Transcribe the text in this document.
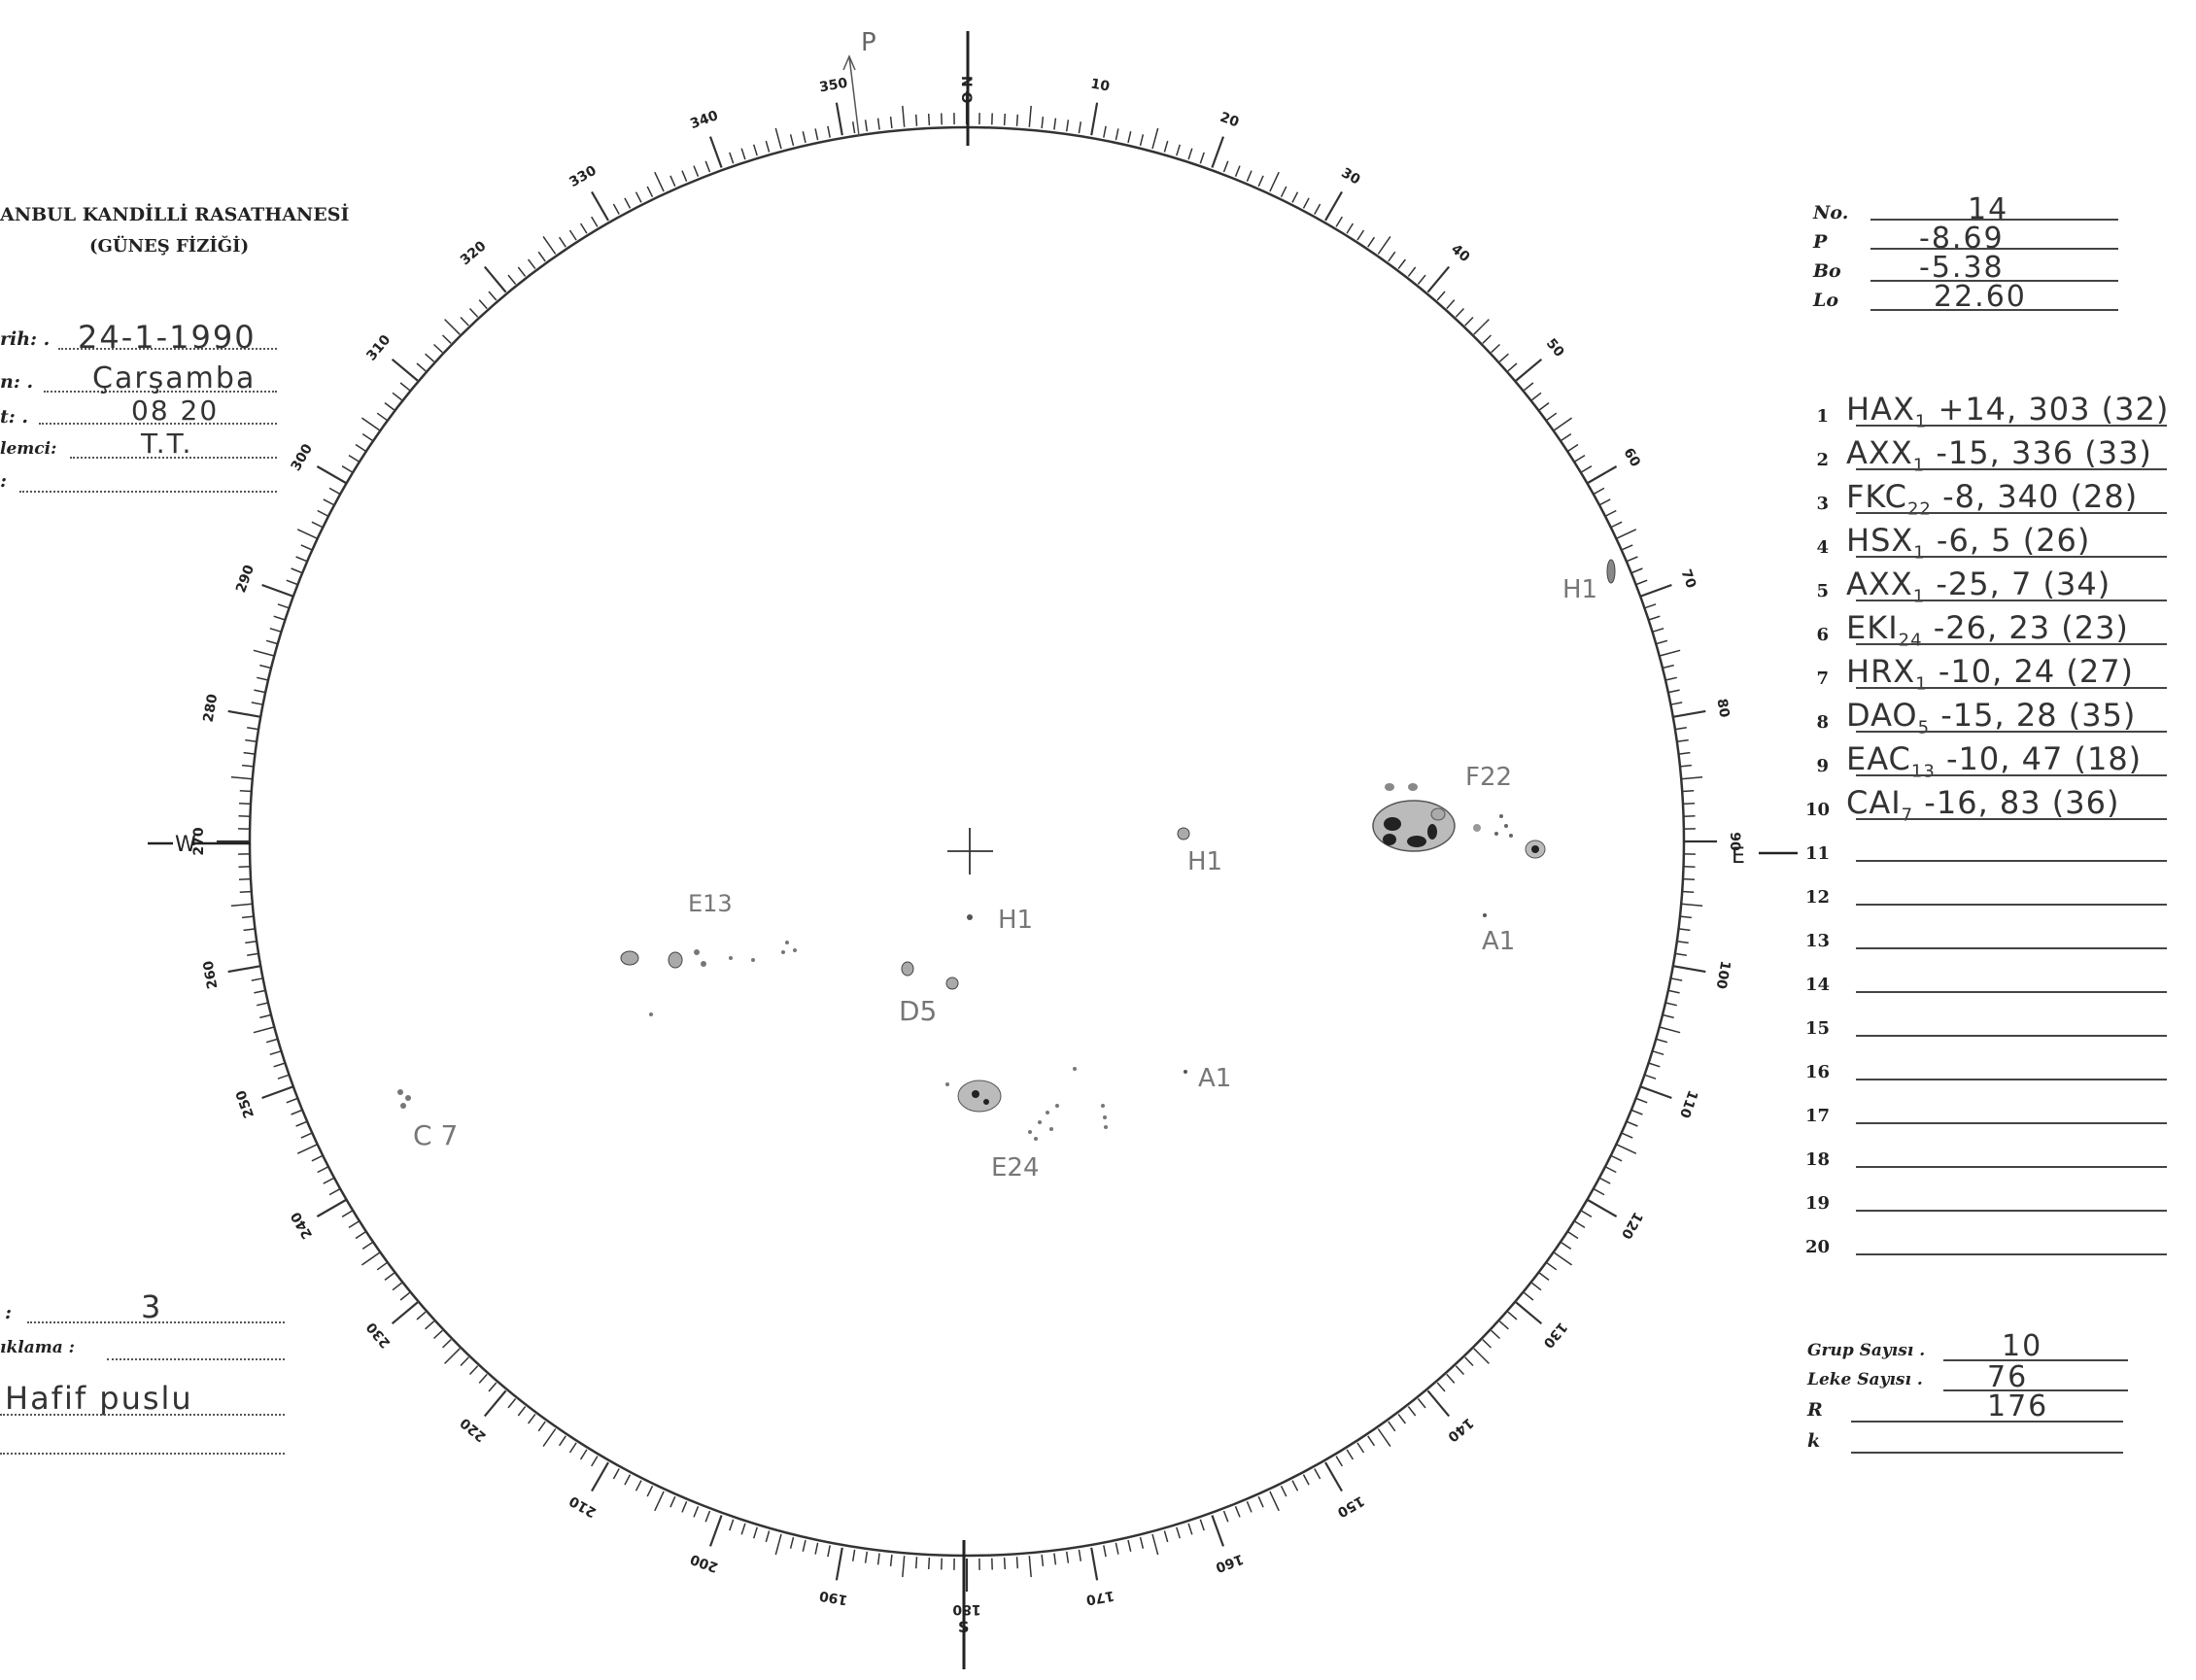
ANBUL KANDİLLİ RASATHANESİ
(GÜNEŞ FİZİĞİ)
rih: . 24-1-1990
n: . Çarşamba
t: .	08 20
lemci:	T.T.
:
:	3
ıklama :
Hafif puslu
No.	14
P	-8.69
Bo	-5.38
Lo	22.60
1 $HAX_1 +14$, 303 (32)
2 $AXX_1$ -15, 336 (33)
3 $FKC_{22}$ -8, 340 (28)
4 $HSX_1$ -6, 5 (26)
5 $AXX_1$ -25, 7 (34)
6 $EKI_{24}$ -26, 23 (23)
7 $HRX_1$ -10, 24 (27)
8 $DAO_5$ -15, 28 (35)
9 $EAC_{13}$ -10, 47 (18)
10 $CAI_7$ -16, 83 (36)
11
12
13
14
15
16
17
18
19
20
Grup Sayısı .	10
Leke Sayısı . 76
R	176
k
10
20
30
40
50
60
70
80
90
100
110
120
130
140
150
160
170
180
190
200
210
220
230
240
250
260
270
280
290
300
310
320
330
340
350	N O
S
W	E
P
F22
H1
H1
A1
E13
H1
D5
A1
E24
C 7
